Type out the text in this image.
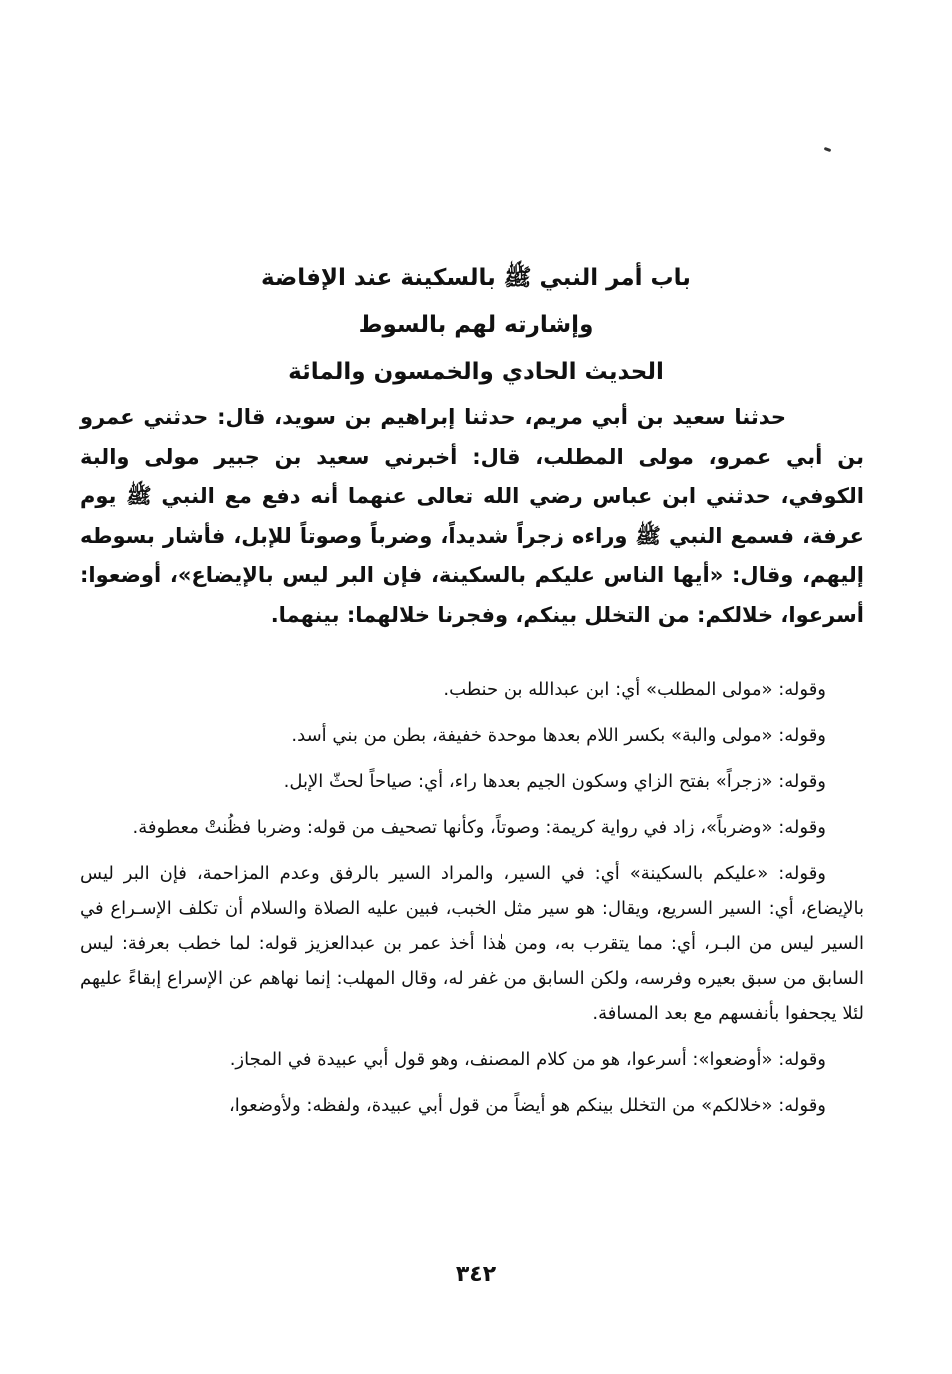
باب أمر النبي ﷺ بالسكينة عند الإفاضة
وإشارته لهم بالسوط
الحديث الحادي والخمسون والمائة
حدثنا سعيد بن أبي مريم، حدثنا إبراهيم بن سويد، قال: حدثني عمرو بن أبي عمرو، مولى المطلب، قال: أخبرني سعيد بن جبير مولى والبة الكوفي، حدثني ابن عباس رضي الله تعالى عنهما أنه دفع مع النبي ﷺ يوم عرفة، فسمع النبي ﷺ وراءه زجراً شديداً، وضرباً وصوتاً للإبل، فأشار بسوطه إليهم، وقال: «أيها الناس عليكم بالسكينة، فإن البر ليس بالإيضاع»، أوضعوا: أسرعوا، خلالكم: من التخلل بينكم، وفجرنا خلالهما: بينهما.

وقوله: «مولى المطلب» أي: ابن عبدالله بن حنطب.

وقوله: «مولى والبة» بكسر اللام بعدها موحدة خفيفة، بطن من بني أسد.

وقوله: «زجراً» بفتح الزاي وسكون الجيم بعدها راء، أي: صياحاً لحثّ الإبل.

وقوله: «وضرباً»، زاد في رواية كريمة: وصوتاً، وكأنها تصحيف من قوله: وضربا فظُنتْ معطوفة.

وقوله: «عليكم بالسكينة» أي: في السير، والمراد السير بالرفق وعدم المزاحمة، فإن البر ليس بالإيضاع، أي: السير السريع، ويقال: هو سير مثل الخبب، فبين عليه الصلاة والسلام أن تكلف الإسـراع في السير ليس من البـر، أي: مما يتقرب به، ومن هٰذا أخذ عمر بن عبدالعزيز قوله: لما خطب بعرفة: ليس السابق من سبق بعيره وفرسه، ولكن السابق من غفر له، وقال المهلب: إنما نهاهم عن الإسراع إبقاءً عليهم لئلا يجحفوا بأنفسهم مع بعد المسافة.

وقوله: «أوضعوا»: أسرعوا، هو من كلام المصنف، وهو قول أبي عبيدة في المجاز.

وقوله: «خلالكم» من التخلل بينكم هو أيضاً من قول أبي عبيدة، ولفظه: ولأوضعوا،

٣٤٢
